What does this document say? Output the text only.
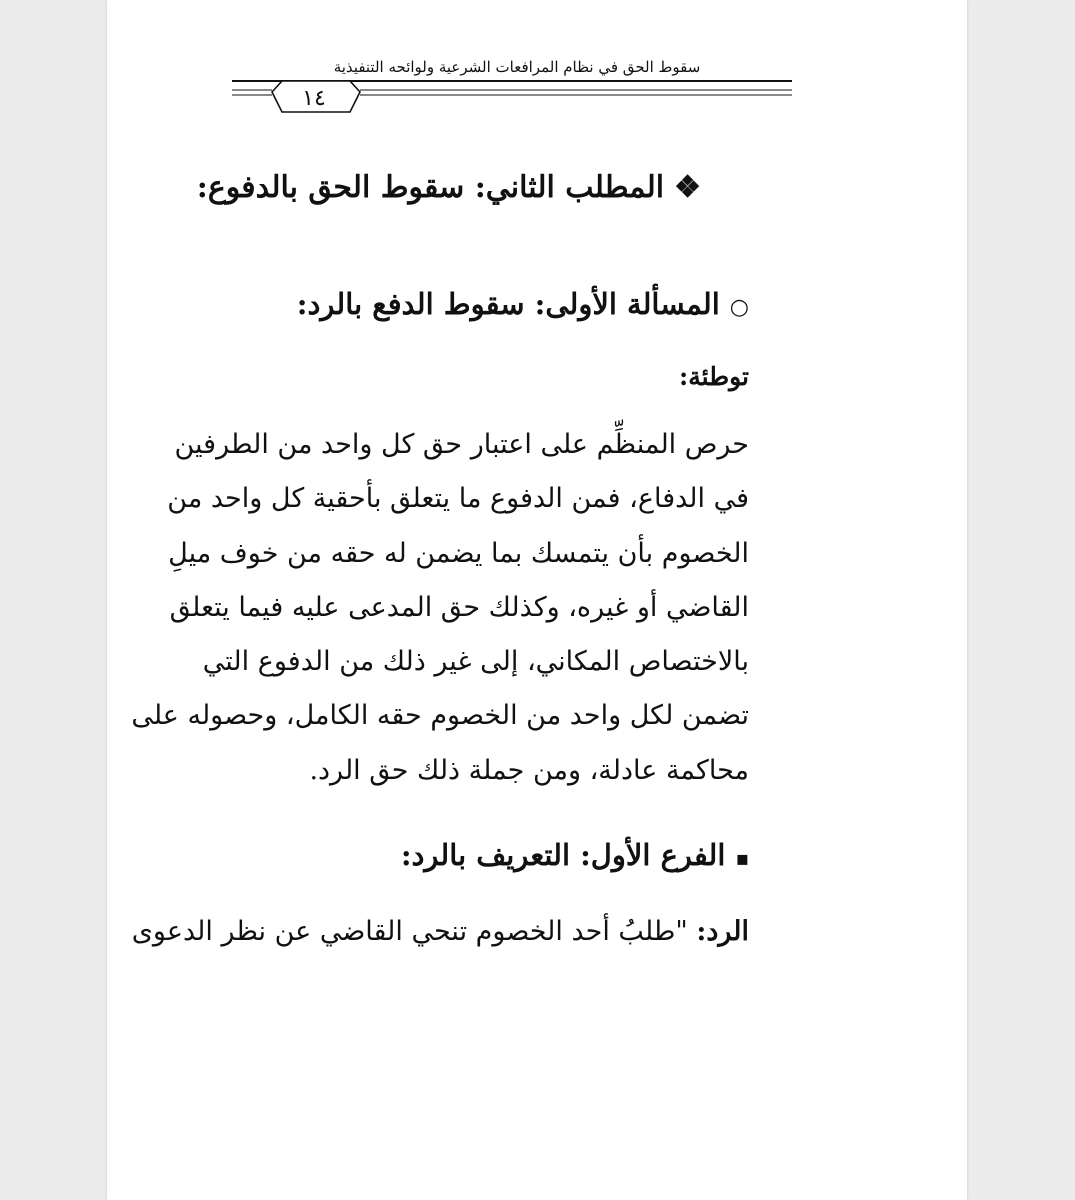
سقوط الحق في نظام المرافعات الشرعية ولوائحه التنفيذية
١٤
❖المطلب الثاني: سقوط الحق بالدفوع:
○المسألة الأولى: سقوط الدفع بالرد:
توطئة:
حرص المنظِّم على اعتبار حق كل واحد من الطرفين
في الدفاع، فمن الدفوع ما يتعلق بأحقية كل واحد من
الخصوم بأن يتمسك بما يضمن له حقه من خوف ميلِ
القاضي أو غيره، وكذلك حق المدعى عليه فيما يتعلق
بالاختصاص المكاني، إلى غير ذلك من الدفوع التي
تضمن لكل واحد من الخصوم حقه الكامل، وحصوله على
محاكمة عادلة، ومن جملة ذلك حق الرد.
▪الفرع الأول: التعريف بالرد:
الرد: "طلبُ أحد الخصوم تنحي القاضي عن نظر الدعوى
